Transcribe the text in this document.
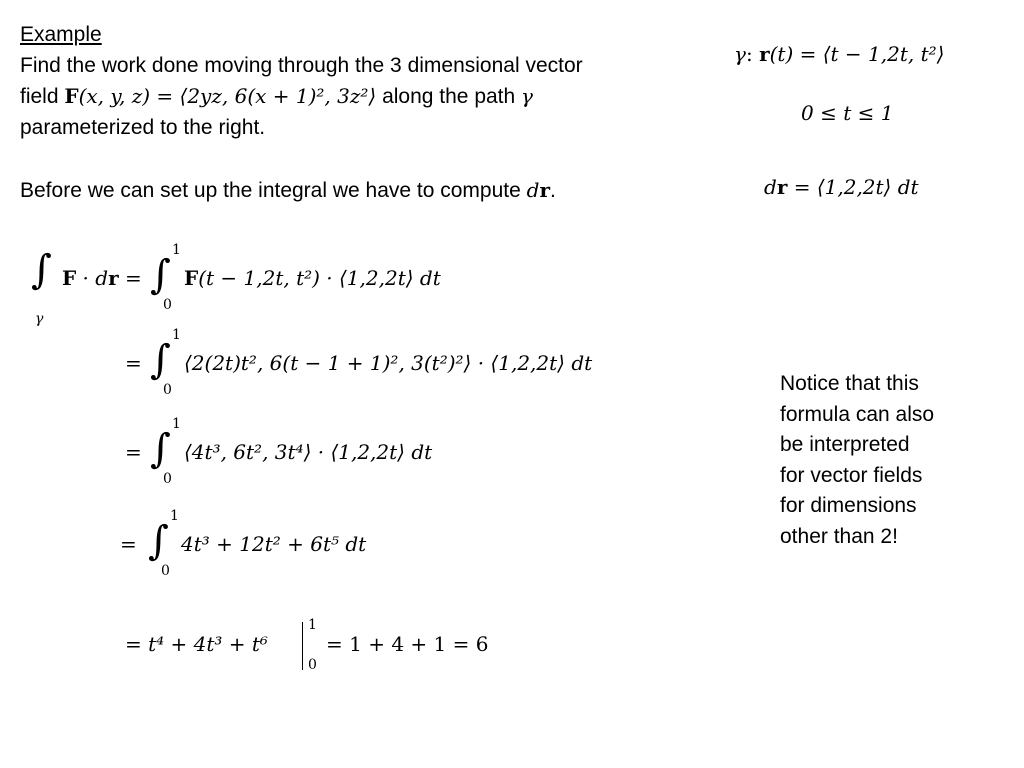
Example
Find the work done moving through the 3 dimensional vector
field F(x, y, z) = ⟨2yz, 6(x + 1)², 3z²⟩ along the path γ
parameterized to the right.
Before we can set up the integral we have to compute dr.
γ: r(t) = ⟨t − 1,2t, t²⟩
0 ≤ t ≤ 1
dr = ⟨1,2,2t⟩ dt
Notice that this
formula can also
be interpreted
for vector fields
for dimensions
other than 2!
∫
γ
F · dr = ∫
1
0
F(t − 1,2t, t²) · ⟨1,2,2t⟩ dt
= ∫
1
0
⟨2(2t)t², 6(t − 1 + 1)², 3(t²)²⟩ · ⟨1,2,2t⟩ dt
= ∫
1
0
⟨4t³, 6t², 3t⁴⟩ · ⟨1,2,2t⟩ dt
= ∫
1
0
4t³ + 12t² + 6t⁵ dt
= t⁴ + 4t³ + t⁶
1
0
= 1 + 4 + 1 = 6
